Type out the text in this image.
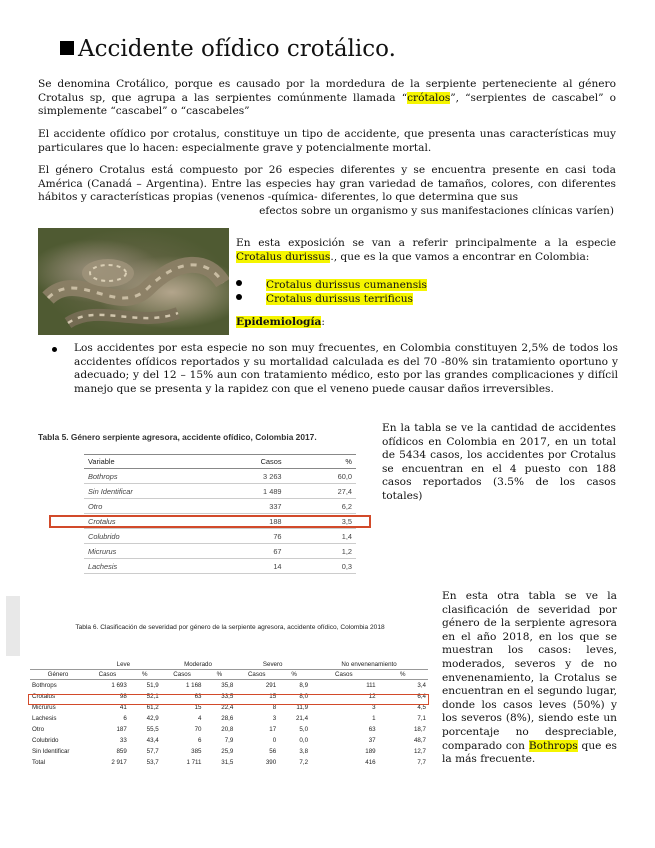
Accidente ofídico crotálico.
Se denomina Crotálico, porque es causado por la mordedura de la serpiente perteneciente al género Crotalus sp, que agrupa a las serpientes comúnmente llamada “crótalos”, “serpientes de cascabel” o simplemente “cascabel” o “cascabeles”
El accidente ofídico por crotalus, constituye un tipo de accidente, que presenta unas características muy particulares que lo hacen: especialmente grave y potencialmente mortal.
El género Crotalus está compuesto por 26 especies diferentes y se encuentra presente en casi toda América (Canadá – Argentina). Entre las especies hay gran variedad de tamaños, colores, con diferentes hábitos y características propias (venenos -química- diferentes, lo que determina que sus
efectos sobre un organismo y sus manifestaciones clínicas varíen)
En esta exposición se van a referir principalmente a la especie Crotalus durissus., que es la que vamos a encontrar en Colombia:
Crotalus durissus cumanensis
Crotalus durissus terrificus
Epidemiología:
Los accidentes por esta especie no son muy frecuentes, en Colombia constituyen 2,5% de todos los accidentes ofídicos reportados y su mortalidad calculada es del 70 -80% sin tratamiento oportuno y adecuado; y del 12 – 15% aun con tratamiento médico, esto por las grandes complicaciones y difícil manejo que se presenta y la rapidez con que el veneno puede causar daños irreversibles.
Tabla 5. Género serpiente agresora, accidente ofídico, Colombia 2017.
Variable	Casos	%
Bothrops	3 263	60,0
Sin Identificar	1 489	27,4
Otro	337	6,2
Crotalus	188	3,5
Colubrido	76	1,4
Micrurus	67	1,2
Lachesis	14	0,3
En la tabla se ve la cantidad de accidentes ofídicos en Colombia en 2017, en un total de 5434 casos, los accidentes por Crotalus se encuentran en el 4 puesto con 188 casos reportados (3.5% de los casos totales)
Tabla 6. Clasificación de severidad por género de la serpiente agresora, accidente ofídico, Colombia 2018
	Leve		Moderado		Severo		No envenenamiento	
Género	Casos	%	Casos	%	Casos	%	Casos	%
Bothrops	1 693	51,9	1 168	35,8	291	8,9	111	3,4
Crotalus	98	52,1	63	33,5	15	8,0	12	6,4
Micrurus	41	61,2	15	22,4	8	11,9	3	4,5
Lachesis	6	42,9	4	28,6	3	21,4	1	7,1
Otro	187	55,5	70	20,8	17	5,0	63	18,7
Colubrido	33	43,4	6	7,9	0	0,0	37	48,7
Sin Identificar	859	57,7	385	25,9	56	3,8	189	12,7
Total	2 917	53,7	1 711	31,5	390	7,2	416	7,7
En esta otra tabla se ve la clasificación de severidad por género de la serpiente agresora en el año 2018, en los que se muestran los casos: leves, moderados, severos y de no envenenamiento, la Crotalus se encuentran en el segundo lugar, donde los casos leves (50%) y los severos (8%), siendo este un porcentaje no despreciable, comparado con Bothrops que es la más frecuente.
